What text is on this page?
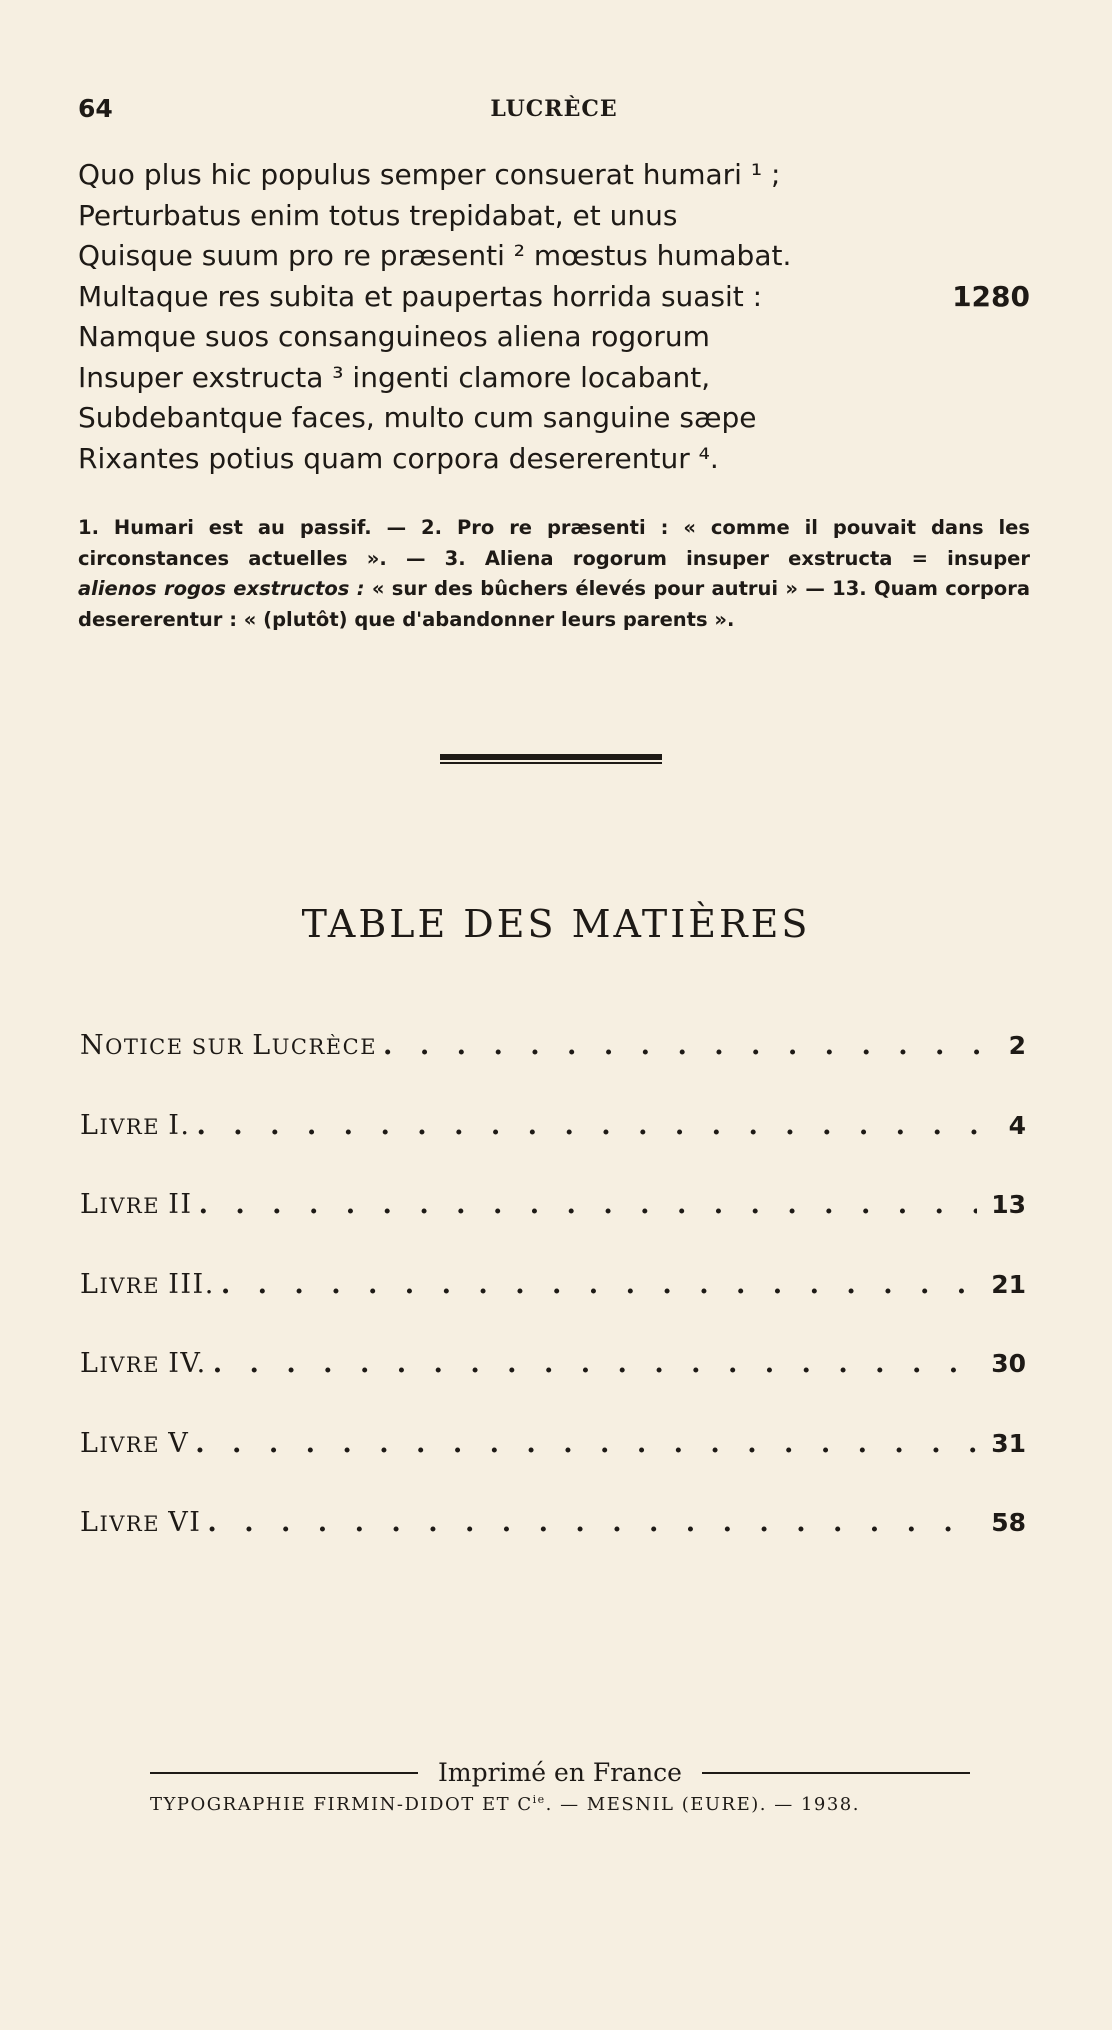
64	LUCRÈCE
Quo plus hic populus semper consuerat humari ¹ ;
Perturbatus enim totus trepidabat, et unus
Quisque suum pro re præsenti ² mœstus humabat.
Multaque res subita et paupertas horrida suasit :	1280
Namque suos consanguineos aliena rogorum
Insuper exstructa ³ ingenti clamore locabant,
Subdebantque faces, multo cum sanguine sæpe
Rixantes potius quam corpora desererentur ⁴.
1. Humari est au passif. — 2. Pro re præsenti : « comme il pouvait dans les
circonstances actuelles ». — 3. Aliena rogorum insuper exstructa = insuper
alienos rogos exstructos : « sur des bûchers élevés pour autrui » — 13. Quam corpora
desererentur : « (plutôt) que d'abandonner leurs parents ».
TABLE DES MATIÈRES
NOTICE SUR LUCRÈCE . . .	2
LIVRE I. . . .	4
LIVRE II . . .	13
LIVRE III. . . .	21
LIVRE IV. . . .	30
LIVRE V . . .	31
LIVRE VI . . .	58
Imprimé en France
TYPOGRAPHIE FIRMIN-DIDOT ET $C^{ie}$. — MESNIL (EURE). — 1938.
